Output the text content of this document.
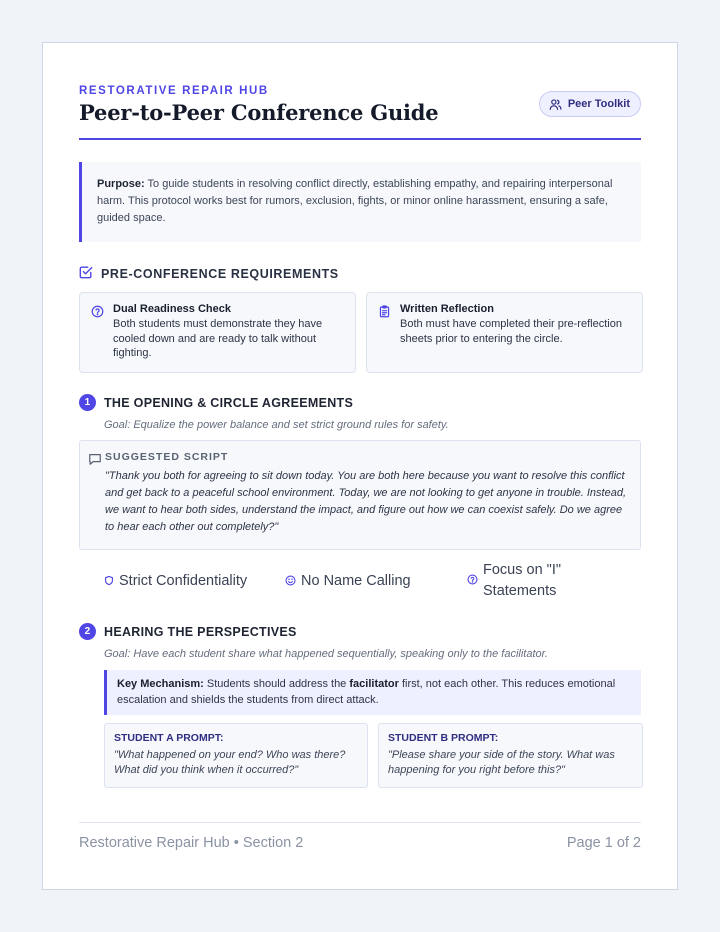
RESTORATIVE REPAIR HUB
Peer-to-Peer Conference Guide	Peer Toolkit
Purpose: To guide students in resolving conflict directly, establishing empathy, and repairing interpersonal harm. This protocol works best for rumors, exclusion, fights, or minor online harassment, ensuring a safe, guided space.
PRE-CONFERENCE REQUIREMENTS
Dual Readiness Check
Both students must demonstrate they have cooled down and are ready to talk without fighting.
Written Reflection
Both must have completed their pre-reflection sheets prior to entering the circle.
1	THE OPENING & CIRCLE AGREEMENTS
Goal: Equalize the power balance and set strict ground rules for safety.
SUGGESTED SCRIPT
"Thank you both for agreeing to sit down today. You are both here because you want to resolve this conflict and get back to a peaceful school environment. Today, we are not looking to get anyone in trouble. Instead, we want to hear both sides, understand the impact, and figure out how we can coexist safely. Do we agree to hear each other out completely?"
Strict Confidentiality	No Name Calling
Focus on "I" Statements
2	HEARING THE PERSPECTIVES
Goal: Have each student share what happened sequentially, speaking only to the facilitator.
Key Mechanism: Students should address the facilitator first, not each other. This reduces emotional escalation and shields the students from direct attack.
STUDENT A PROMPT:
"What happened on your end? Who was there? What did you think when it occurred?"
STUDENT B PROMPT:
"Please share your side of the story. What was happening for you right before this?"
Restorative Repair Hub • Section 2	Page 1 of 2
